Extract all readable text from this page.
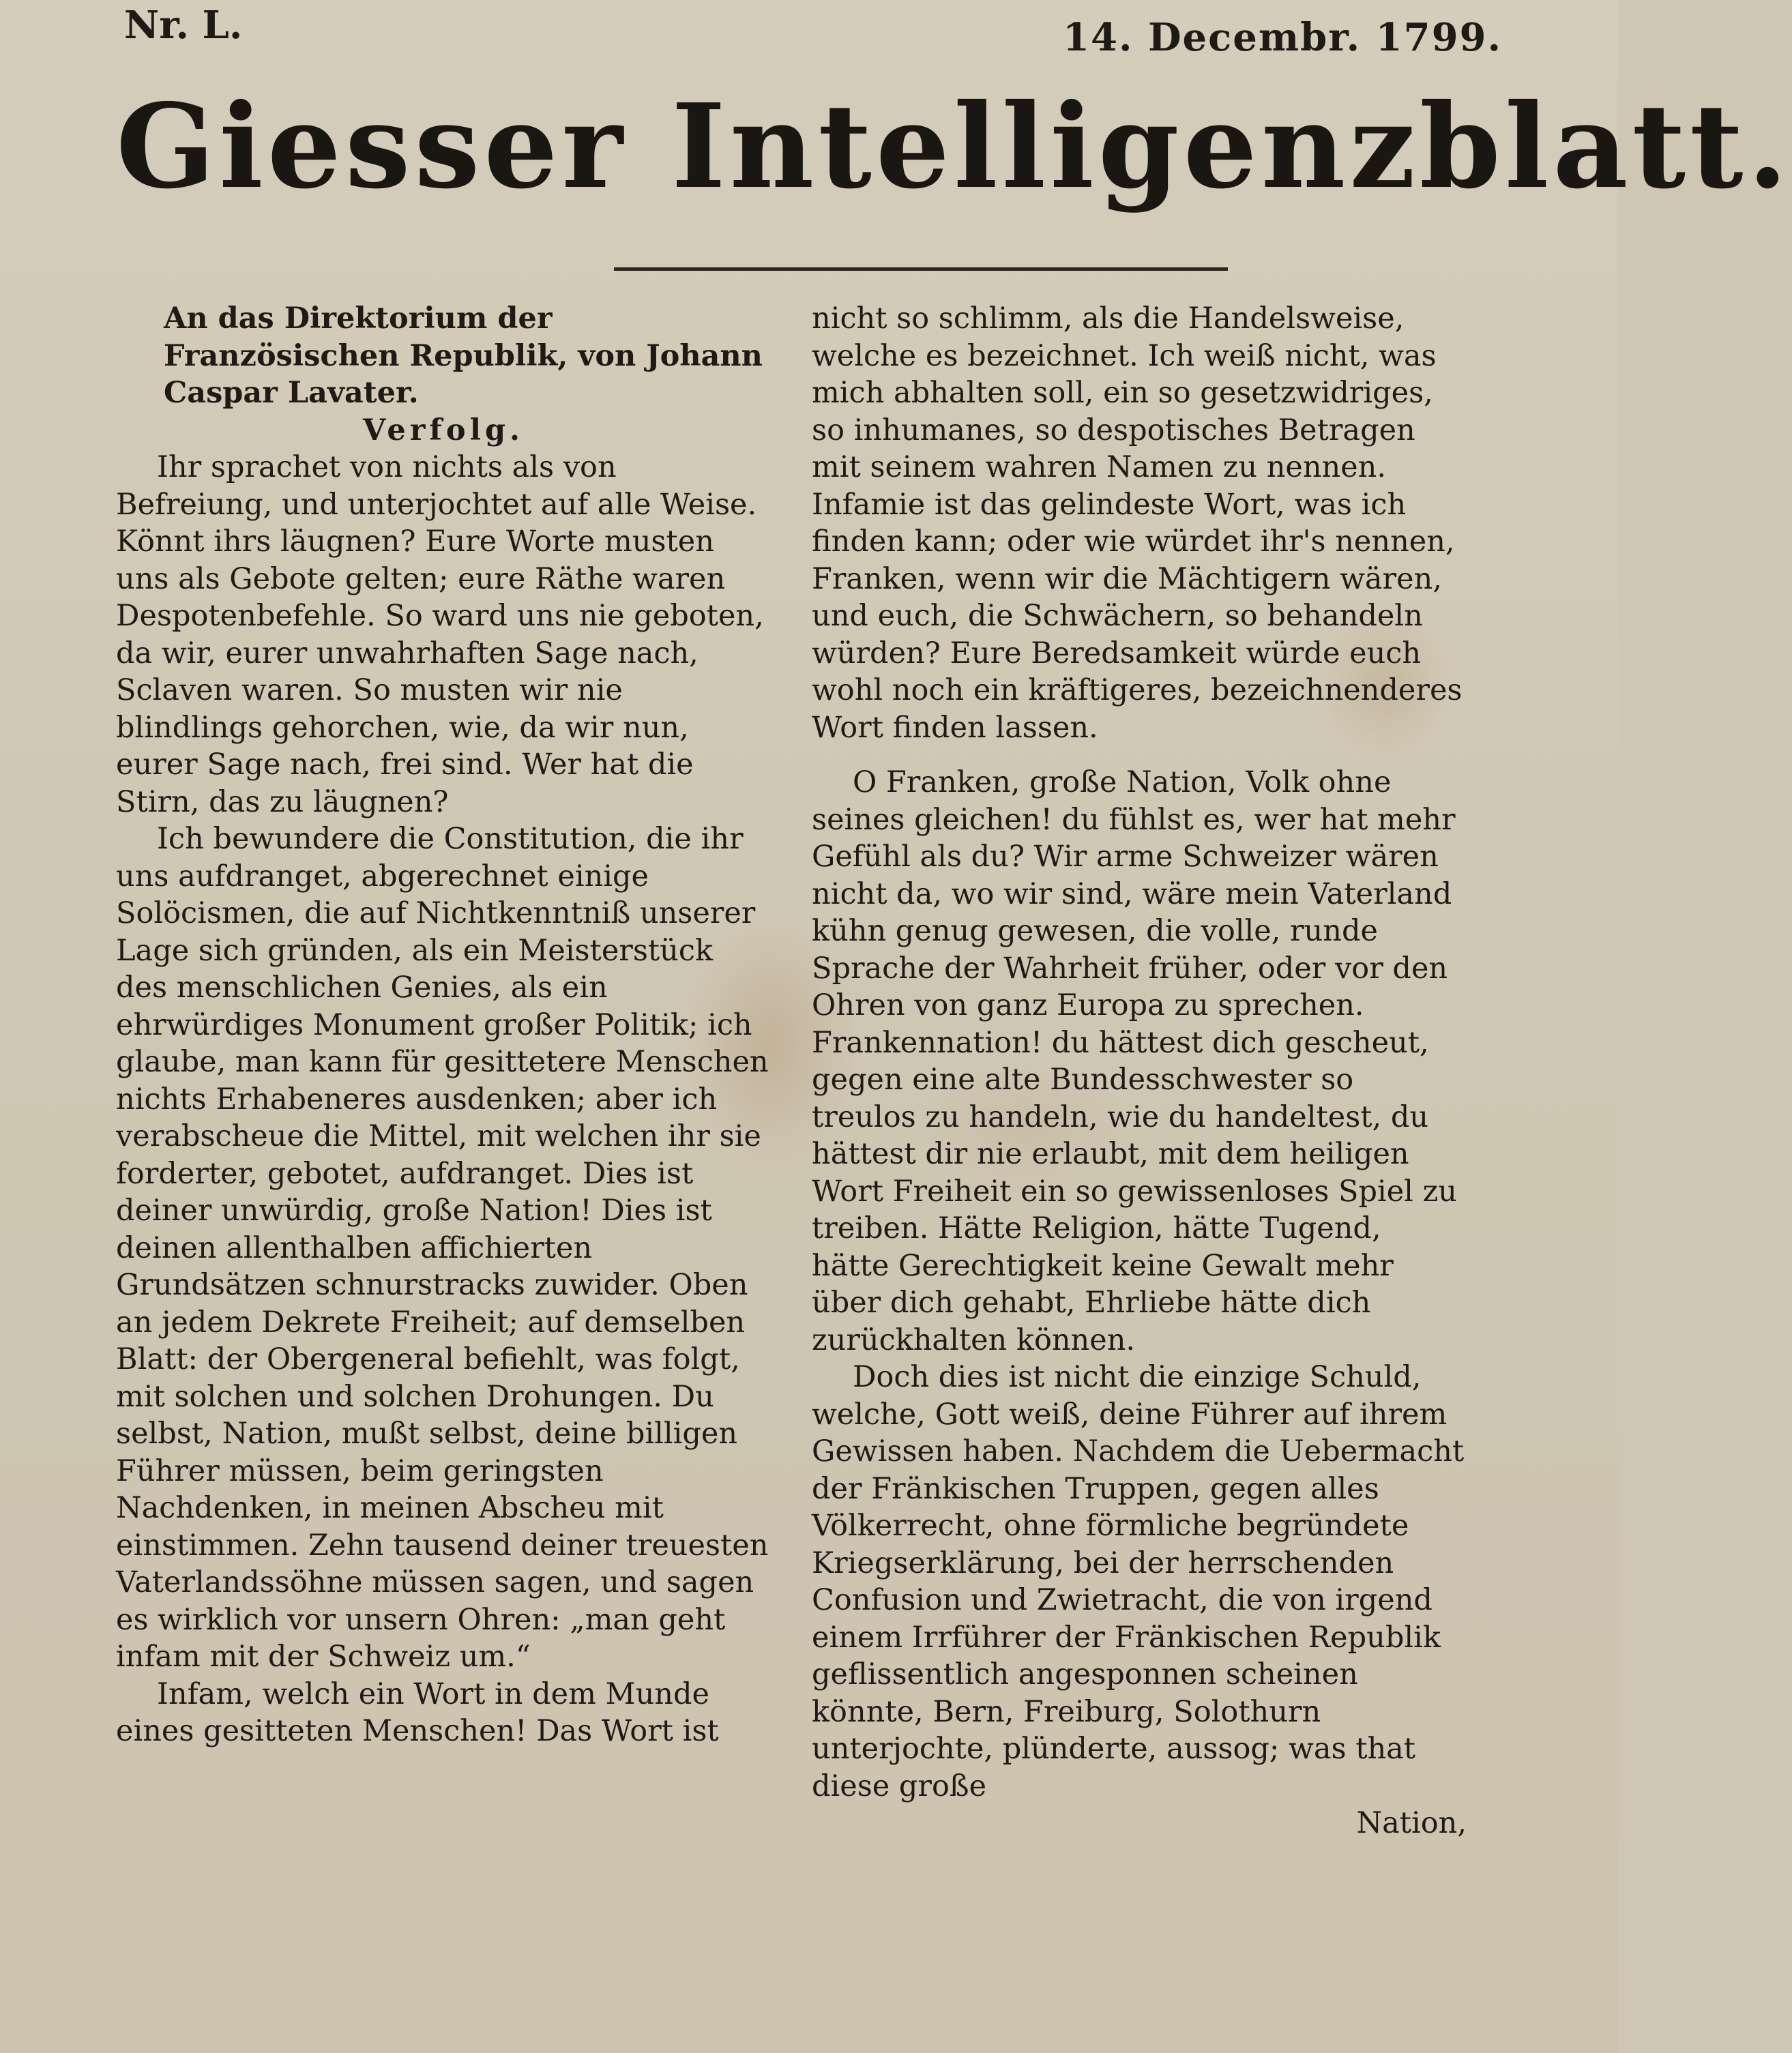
Nr. L.	14. Decembr. 1799.
Giesser Intelligenzblatt.

An das Direktorium der Französischen Republik, von Johann Caspar Lavater.

Verfolg.

Ihr sprachet von nichts als von Befreiung, und unterjochtet auf alle Weise. Könnt ihrs läugnen? Eure Worte musten uns als Gebote gelten; eure Räthe waren Despotenbefehle. So ward uns nie geboten, da wir, eurer unwahrhaften Sage nach, Sclaven waren. So musten wir nie blindlings gehorchen, wie, da wir nun, eurer Sage nach, frei sind. Wer hat die Stirn, das zu läugnen?

Ich bewundere die Constitution, die ihr uns aufdranget, abgerechnet einige Solöcismen, die auf Nichtkenntniß unserer Lage sich gründen, als ein Meisterstück des menschlichen Genies, als ein ehrwürdiges Monument großer Politik; ich glaube, man kann für gesittetere Menschen nichts Erhabeneres ausdenken; aber ich verabscheue die Mittel, mit welchen ihr sie forderter, gebotet, aufdranget. Dies ist deiner unwürdig, große Nation! Dies ist deinen allenthalben affichierten Grundsätzen schnurstracks zuwider. Oben an jedem Dekrete Freiheit; auf demselben Blatt: der Obergeneral befiehlt, was folgt, mit solchen und solchen Drohungen. Du selbst, Nation, mußt selbst, deine billigen Führer müssen, beim geringsten Nachdenken, in meinen Abscheu mit einstimmen. Zehn tausend deiner treuesten Vaterlandssöhne müssen sagen, und sagen es wirklich vor unsern Ohren: „man geht infam mit der Schweiz um.“

Infam, welch ein Wort in dem Munde eines gesitteten Menschen! Das Wort ist

nicht so schlimm, als die Handelsweise, welche es bezeichnet. Ich weiß nicht, was mich abhalten soll, ein so gesetzwidriges, so inhumanes, so despotisches Betragen mit seinem wahren Namen zu nennen. Infamie ist das gelindeste Wort, was ich finden kann; oder wie würdet ihr's nennen, Franken, wenn wir die Mächtigern wären, und euch, die Schwächern, so behandeln würden? Eure Beredsamkeit würde euch wohl noch ein kräftigeres, bezeichnenderes Wort finden lassen.

O Franken, große Nation, Volk ohne seines gleichen! du fühlst es, wer hat mehr Gefühl als du? Wir arme Schweizer wären nicht da, wo wir sind, wäre mein Vaterland kühn genug gewesen, die volle, runde Sprache der Wahrheit früher, oder vor den Ohren von ganz Europa zu sprechen. Frankennation! du hättest dich gescheut, gegen eine alte Bundesschwester so treulos zu handeln, wie du handeltest, du hättest dir nie erlaubt, mit dem heiligen Wort Freiheit ein so gewissenloses Spiel zu treiben. Hätte Religion, hätte Tugend, hätte Gerechtigkeit keine Gewalt mehr über dich gehabt, Ehrliebe hätte dich zurückhalten können.

Doch dies ist nicht die einzige Schuld, welche, Gott weiß, deine Führer auf ihrem Gewissen haben. Nachdem die Uebermacht der Fränkischen Truppen, gegen alles Völkerrecht, ohne förmliche begründete Kriegserklärung, bei der herrschenden Confusion und Zwietracht, die von irgend einem Irrführer der Fränkischen Republik geflissentlich angesponnen scheinen könnte, Bern, Freiburg, Solothurn unterjochte, plünderte, aussog; was that diese große

Nation,
